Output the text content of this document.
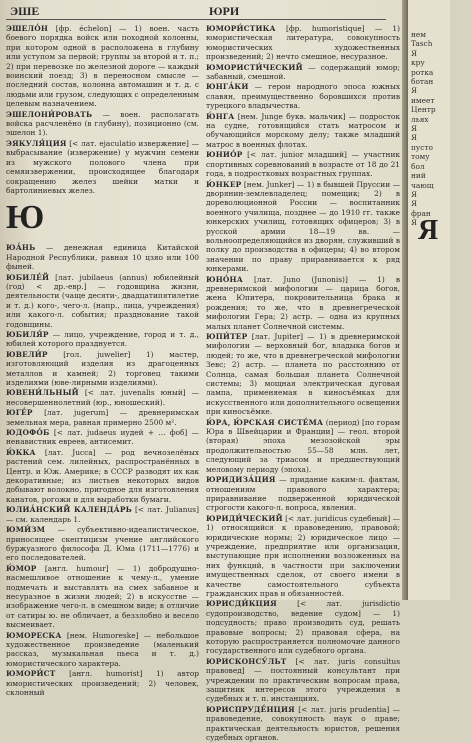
ЭШЕ	ЮРИ
ЭШЕЛО́Н [фр. échelon] — 1) воен. часть боевого порядка войск или походной колонны, при котором одной в расположена в глубину или уступом за первой; группы за второй и т. п.; 2) при перевозке по железной дороге — каждый воинский поезд; 3) в переносном смысле — последний состав, колонна автомашин и т. д. с людьми или грузом, следующих с определенным целевым назначением.
ЭШЕЛОНИ́РОВАТЬ — воен. располагать войска расчленёно (в глубину), позиционно (см. эшелон 1).
ЭЯКУЛЯ́ЦИЯ [< лат. ejaculatio извержение] — выбрасывание (извержение) у мужчин семени из мужского полового члена при семяизвержении, происходящее благодаря сокращению желез шейки матки и бартолиниевых желез.
Ю
ЮА́НЬ — денежная единица Китайской Народной Республики, равная 10 цзяо или 100 фыней.
ЮБИЛЕ́Й [лат. jubilaeus (annus) юбилейный (год) < др.-евр.] — годовщина жизни, деятельности (чаще десяти-, двадцатипятилетие и т. д.) кого-, чего-л. (напр., лица, учреждения) или какого-л. события; празднование такой годовщины.
ЮБИЛЯ́Р — лицо, учреждение, город и т. д., юбилей которого празднуется.
ЮВЕЛИ́Р [гол. juwelier] 1) мастер, изготовляющий изделия из драгоценных металлов и камней; 2) торговец такими изделиями (юве-лирными изделиями).
ЮВЕНИ́ЛЬНЫЙ [< лат. juvenalis юный] — несовершеннолетний (юр., юношеский).
ЮГЕ́Р [лат. jugerum] — древнеримская земельная мера, равная примерно 2500 м².
ЮДОФО́Б [< лат. judaeus иудей + ... фоб] — ненавистник евреев, антисемит.
Ю́ККА [лат. Jucca] — род вечнозелёных растений сем. лилейных, распространённых в Центр. и Юж. Америке; в СССР разводят их как декоративные; из листьев некоторых видов добывают волокно, пригодное для изготовления канатов, рогожи и для выработки бумаги.
ЮЛИА́НСКИЙ КАЛЕНДА́РЬ [< лат. Julianus] — см. календарь 1.
ЮМИ́ЗМ — субъективно-идеалистическое, приносящее скептицизм учение английского буржуазного философа Д. Юма (1711—1776) и его последователей.
Ю́МОР [англ. humour] — 1) добродушно-насмешливое отношение к чему-л., умение подмечать и выставлять на смех забавное и несуразное в жизни людей; 2) в искусстве — изображение чего-л. в смешном виде; в отличие от сатиры ю. не обличает, а беззлобно и весело высмеивает.
ЮМОРЕСКА [нем. Humoreske] — небольшое художественное произведение (маленький рассказ, музыкальная пьеса и т. д.) юмористического характера.
ЮМОРИ́СТ [англ. humorist] 1) автор юмористических произведений; 2) человек, склонный
ЮМОРИ́СТИКА [фр. humoristique] — 1) юмористическая литература, совокупность юмористических художественных произведений; 2) нечто смешное, несуразное.
ЮМОРИСТИ́ЧЕСКИЙ — содержащий юмор; забавный, смешной.
ЮНГА́КИ — герои народного эпоса южных славян, преимущественно боровшихся против турецкого владычества.
Ю́НГА [нем. Junge букв. мальчик] — подросток на судне, готовящийся стать матросом и обучающийся морскому делу; также младший матрос в военных флотах.
ЮНИО́Р [< лат. junior младший] — участник спортивных соревнований в возрасте от 18 до 21 года, в подростковых возрастных группах.
Ю́НКЕР [нем. Junker] — 1) в бывшей Пруссии — дворянин-землевладелец; помещик; 2) в дореволюционной России — воспитанник военного училища, позднее — до 1910 гг. также юнкерских училищ, готовящих офицеров; 3) в русской армии 18—19 вв. — вольноопределяющийся из дворян, служивший в полку до производства в офицеры; 4) во втором значении по праву приравнивается к ряд юнкерами.
ЮНО́НА [лат. Juno (Junonis)] — 1) в древнеримской мифологии — царица богов, жена Юпитера, покровительница брака и рождения; то же, что в древнегреческой мифологии Гера; 2) астр. — одна из крупных малых планет Солнечной системы.
ЮПИ́ТЕР [лат. Jupiter] — 1) в древнеримской мифологии — верховный бог, владыка богов и людей; то же, что в древнегреческой мифологии Зевс; 2) астр. — планета по расстоянию от Солнца, самая большая планета Солнечной системы; 3) мощная электрическая дуговая лампа, применяемая в киносъёмках для искусственного или дополнительного освещения при киносъёмке.
Ю́РА, Ю́РСКАЯ СИСТЕ́МА (период) [по горам Юра в Швейцарии и Франции] — геол. второй (вторая) эпоха мезозойской эры продолжительностью 55—58 млн. лет, следующий за триасом и предшествующий меловому периоду (эпоха).
ЮРИДИЗА́ЦИЯ — придание каким-л. фактам, отношениям правового характера; приравнивание подверженной юридической строгости какого-л. вопроса, явления.
ЮРИДИ́ЧЕСКИЙ [< лат. juridicus судебный] — 1) относящийся к правоведению, правовой; юридические нормы; 2) юридическое лицо — учреждение, предприятие или организация, выступающие при исполнении возложенных на них функций, в частности при заключении имущественных сделок, от своего имени в качестве самостоятельного субъекта гражданских прав и обязанностей.
ЮРИСДИ́КЦИЯ	[< лат. jurisdictio судопроизводство, ведение судом] — 1) подсудность; право производить суд, решать правовые вопросы; 2) правовая сфера, на которую распространяется полномочие данного государственного или судебного органа.
ЮРИСКОНСУ́ЛЬТ [< лат. juris consultus правовед] — постоянный консультант при учреждении по практическим вопросам права, защитник интересов этого учреждения в судебных и т. п. инстанциях.
ЮРИСПРУДЕ́НЦИЯ [< лат. juris prudentia] — правоведение, совокупность наук о праве; практическая деятельность юристов, решения судебных органов.
нем
Tasch
Я
кру
ротка
ботан
Я
имеет
Центр
льях
Я
Я
пусто
тому
бол
ний
чающ
Я
Я
фран
Я Я
